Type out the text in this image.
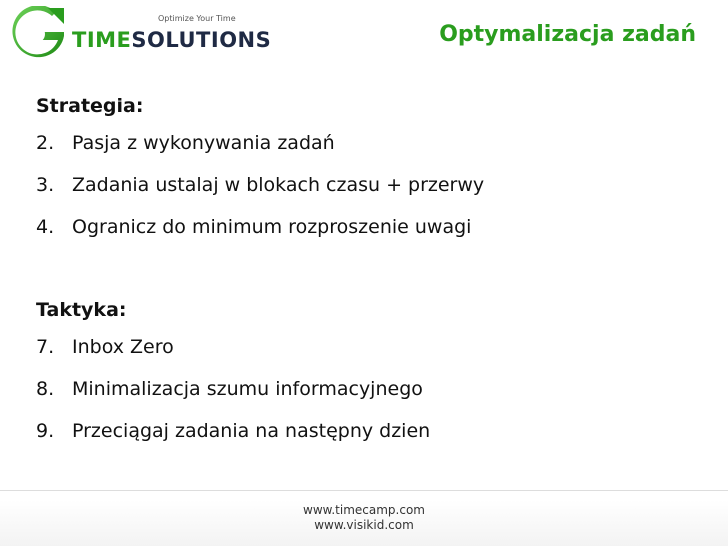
Optimize Your Time
TIMESOLUTIONS	Optymalizacja zadań
Strategia:
2. Pasja z wykonywania zadań
3. Zadania ustalaj w blokach czasu + przerwy
4. Ogranicz do minimum rozproszenie uwagi
Taktyka:
7. Inbox Zero
8. Minimalizacja szumu informacyjnego
9. Przeciągaj zadania na następny dzien
www.timecamp.com
www.visikid.com
